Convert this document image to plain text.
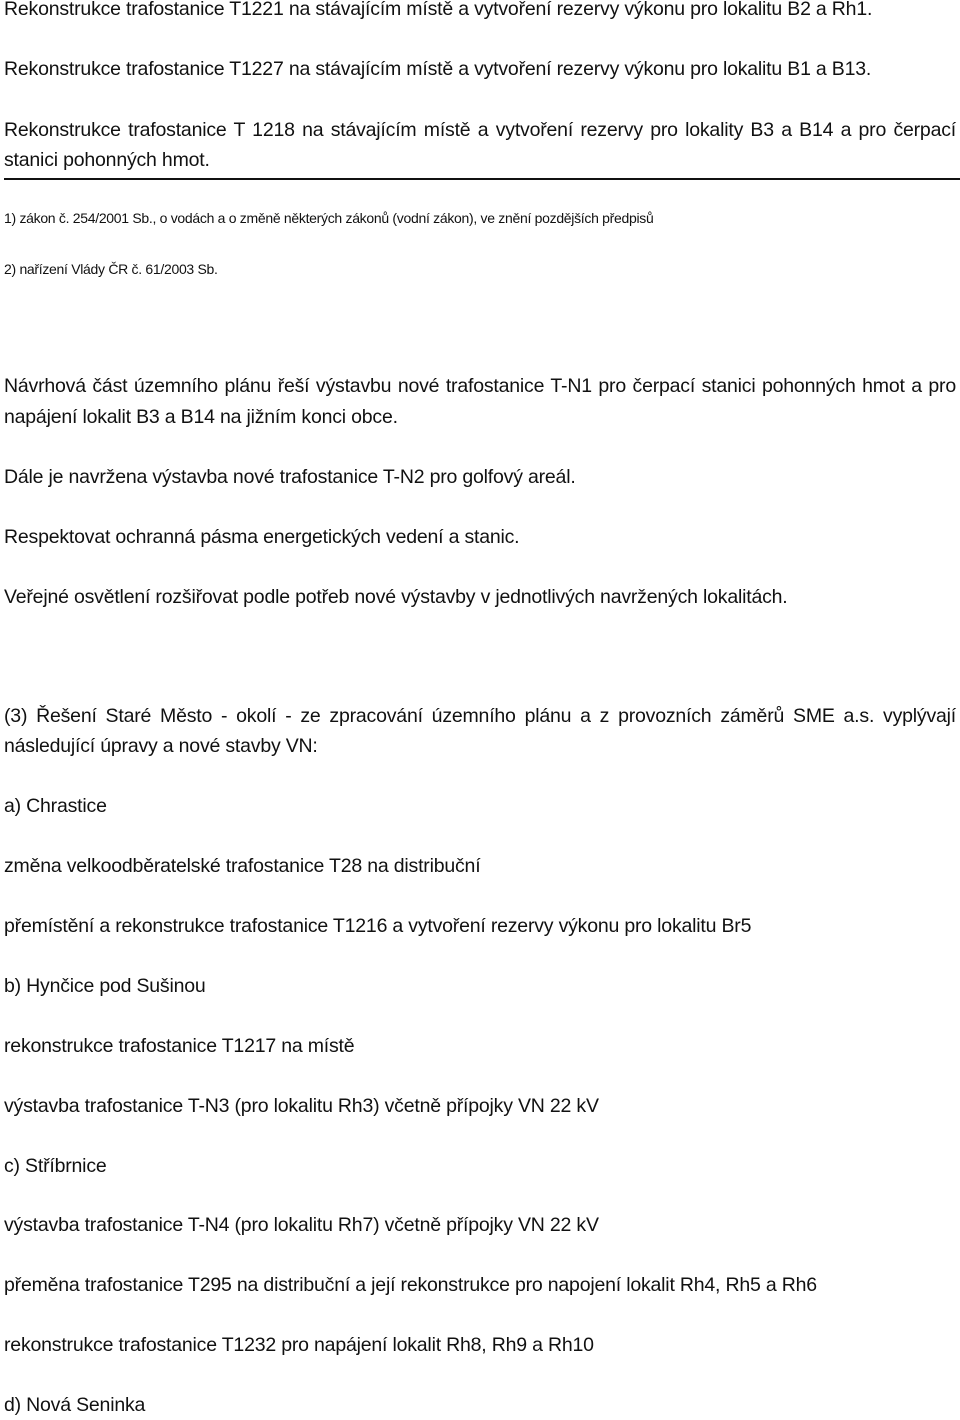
Rekonstrukce trafostanice T1221 na stávajícím místě a vytvoření rezervy výkonu pro lokalitu B2 a Rh1.
Rekonstrukce trafostanice T1227 na stávajícím místě a vytvoření rezervy výkonu pro lokalitu B1 a B13.
Rekonstrukce trafostanice T 1218 na stávajícím místě a vytvoření rezervy pro lokality B3 a B14 a pro čerpací
stanici pohonných hmot.
1) zákon č. 254/2001 Sb., o vodách a o změně některých zákonů (vodní zákon), ve znění pozdějších předpisů
2) nařízení Vlády ČR č. 61/2003 Sb.
Návrhová část územního plánu řeší výstavbu nové trafostanice T-N1 pro čerpací stanici pohonných hmot a pro
napájení lokalit B3 a B14 na jižním konci obce.
Dále je navržena výstavba nové trafostanice T-N2 pro golfový areál.
Respektovat ochranná pásma energetických vedení a stanic.
Veřejné osvětlení rozšiřovat podle potřeb nové výstavby v jednotlivých navržených lokalitách.
(3) Řešení Staré Město - okolí - ze zpracování územního plánu a z provozních záměrů SME a.s. vyplývají
následující úpravy a nové stavby VN:
a) Chrastice
změna velkoodběratelské trafostanice T28 na distribuční
přemístění a rekonstrukce trafostanice T1216 a vytvoření rezervy výkonu pro lokalitu Br5
b) Hynčice pod Sušinou
rekonstrukce trafostanice T1217 na místě
výstavba trafostanice T-N3 (pro lokalitu Rh3) včetně přípojky VN 22 kV
c) Stříbrnice
výstavba trafostanice T-N4 (pro lokalitu Rh7) včetně přípojky VN 22 kV
přeměna trafostanice T295 na distribuční a její rekonstrukce pro napojení lokalit Rh4, Rh5 a Rh6
rekonstrukce trafostanice T1232 pro napájení lokalit Rh8, Rh9 a Rh10
d) Nová Seninka
